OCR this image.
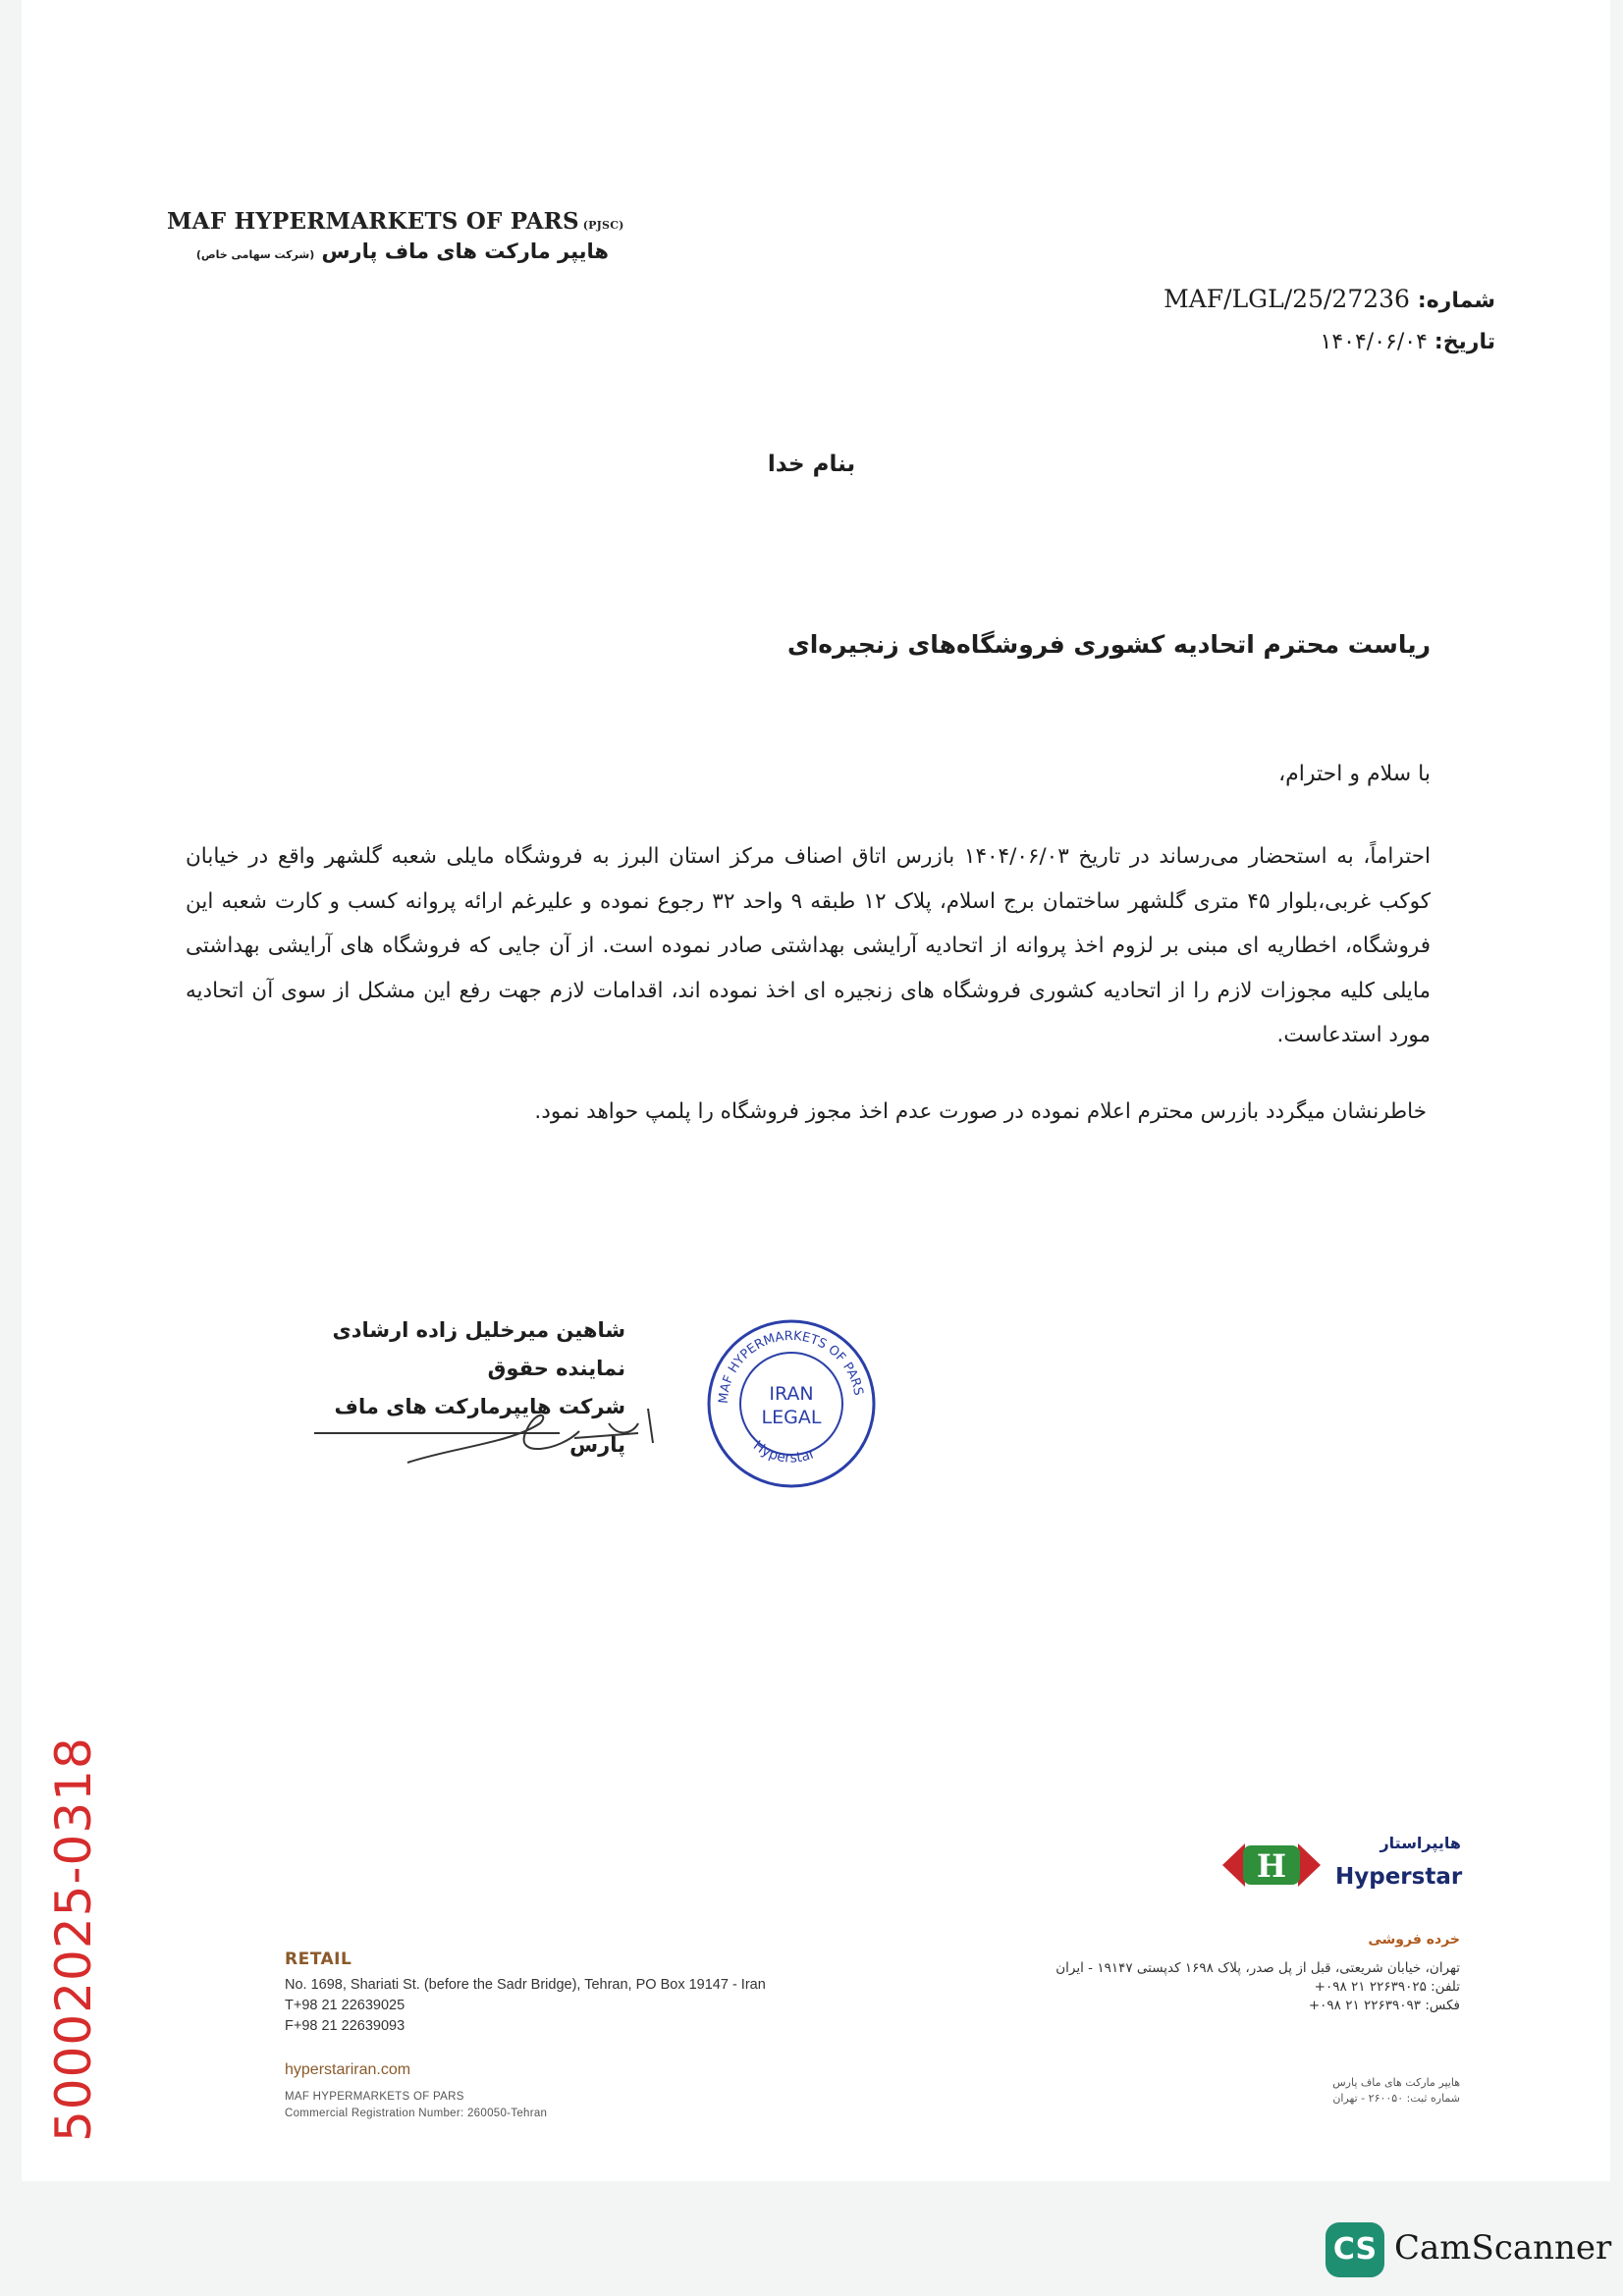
MAF HYPERMARKETS OF PARS (PJSC)
هایپر مارکت های ماف پارس (شرکت سهامی خاص)
شماره: MAF/LGL/25/27236
تاریخ: ۱۴۰۴/۰۶/۰۴
بنام خدا
ریاست محترم اتحادیه کشوری فروشگاه‌های زنجیره‌ای
با سلام و احترام،
احتراماً، به استحضار می‌رساند در تاریخ ۱۴۰۴/۰۶/۰۳ بازرس اتاق اصناف مرکز استان البرز به فروشگاه مایلی شعبه گلشهر واقع در خیابان کوکب غربی،بلوار ۴۵ متری گلشهر ساختمان برج اسلام، پلاک ۱۲ طبقه ۹ واحد ۳۲ رجوع نموده و علیرغم ارائه پروانه کسب و کارت شعبه این فروشگاه، اخطاریه ای مبنی بر لزوم اخذ پروانه از اتحادیه آرایشی بهداشتی صادر نموده است. از آن جایی که فروشگاه های آرایشی بهداشتی مایلی کلیه مجوزات لازم را از اتحادیه کشوری فروشگاه های زنجیره ای اخذ نموده اند، اقدامات لازم جهت رفع این مشکل از سوی آن اتحادیه مورد استدعاست.
خاطرنشان میگردد بازرس محترم اعلام نموده در صورت عدم اخذ مجوز فروشگاه را پلمپ حواهد نمود.
شاهین میرخلیل زاده ارشادی
نماینده حقوق
شرکت هایپرمارکت های ماف پارس
MAF HYPERMARKETS OF PARS
Hyperstar
IRAN
LEGAL
50002025-0318	H
هایپراستار
Hyperstar
RETAIL
No. 1698, Shariati St. (before the Sadr Bridge), Tehran, PO Box 19147 - Iran
T+98 21 22639025
F+98 21 22639093
hyperstariran.com
MAF HYPERMARKETS OF PARS
Commercial Registration Number: 260050-Tehran
خرده فروشی
تهران، خیابان شریعتی، قبل از پل صدر، پلاک ۱۶۹۸ کدپستی ۱۹۱۴۷ - ایران
تلفن: ۲۲۶۳۹۰۲۵ ۲۱ ۰۹۸+
فکس: ۲۲۶۳۹۰۹۳ ۲۱ ۰۹۸+
هایپر مارکت های ماف پارس
شماره ثبت: ۲۶۰۰۵۰ - تهران
CS CamScanner
